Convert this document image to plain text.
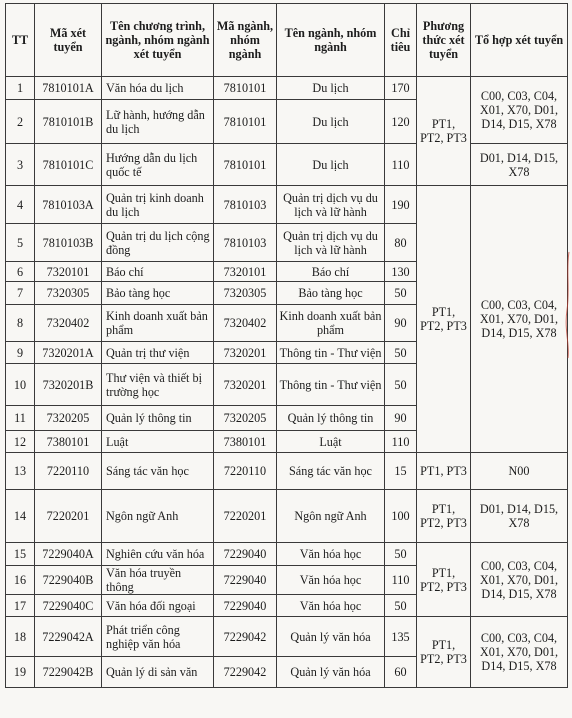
TT	Mã xét tuyển	Tên chương trình, ngành, nhóm ngành xét tuyển	Mã ngành, nhóm ngành	Tên ngành, nhóm ngành	Chỉ tiêu	Phương thức xét tuyển	Tổ hợp xét tuyển
1	7810101A	Văn hóa du lịch	7810101	Du lịch	170	PT1, PT2, PT3	C00, C03, C04, X01, X70, D01, D14, D15, X78
2	7810101B	Lữ hành, hướng dẫn du lịch	7810101	Du lịch	120		
3	7810101C	Hướng dẫn du lịch quốc tế	7810101	Du lịch	110		D01, D14, D15, X78
4	7810103A	Quản trị kinh doanh du lịch	7810103	Quản trị dịch vụ du lịch và lữ hành	190	PT1, PT2, PT3	C00, C03, C04, X01, X70, D01, D14, D15, X78
5	7810103B	Quản trị du lịch cộng đồng	7810103	Quản trị dịch vụ du lịch và lữ hành	80		
6	7320101	Báo chí	7320101	Báo chí	130		
7	7320305	Bảo tàng học	7320305	Bảo tàng học	50		
8	7320402	Kinh doanh xuất bản phẩm	7320402	Kinh doanh xuất bản phẩm	90		
9	7320201A	Quản trị thư viện	7320201	Thông tin - Thư viện	50		
10	7320201B	Thư viện và thiết bị trường học	7320201	Thông tin - Thư viện	50		
11	7320205	Quản lý thông tin	7320205	Quản lý thông tin	90		
12	7380101	Luật	7380101	Luật	110		
13	7220110	Sáng tác văn học	7220110	Sáng tác văn học	15	PT1, PT3	N00
14	7220201	Ngôn ngữ Anh	7220201	Ngôn ngữ Anh	100	PT1, PT2, PT3	D01, D14, D15, X78
15	7229040A	Nghiên cứu văn hóa	7229040	Văn hóa học	50	PT1, PT2, PT3	C00, C03, C04, X01, X70, D01, D14, D15, X78
16	7229040B	Văn hóa truyền thông	7229040	Văn hóa học	110		
17	7229040C	Văn hóa đối ngoại	7229040	Văn hóa học	50		
18	7229042A	Phát triển công nghiệp văn hóa	7229042	Quản lý văn hóa	135	PT1, PT2, PT3	C00, C03, C04, X01, X70, D01, D14, D15, X78
19	7229042B	Quản lý di sản văn	7229042	Quản lý văn hóa	60		
